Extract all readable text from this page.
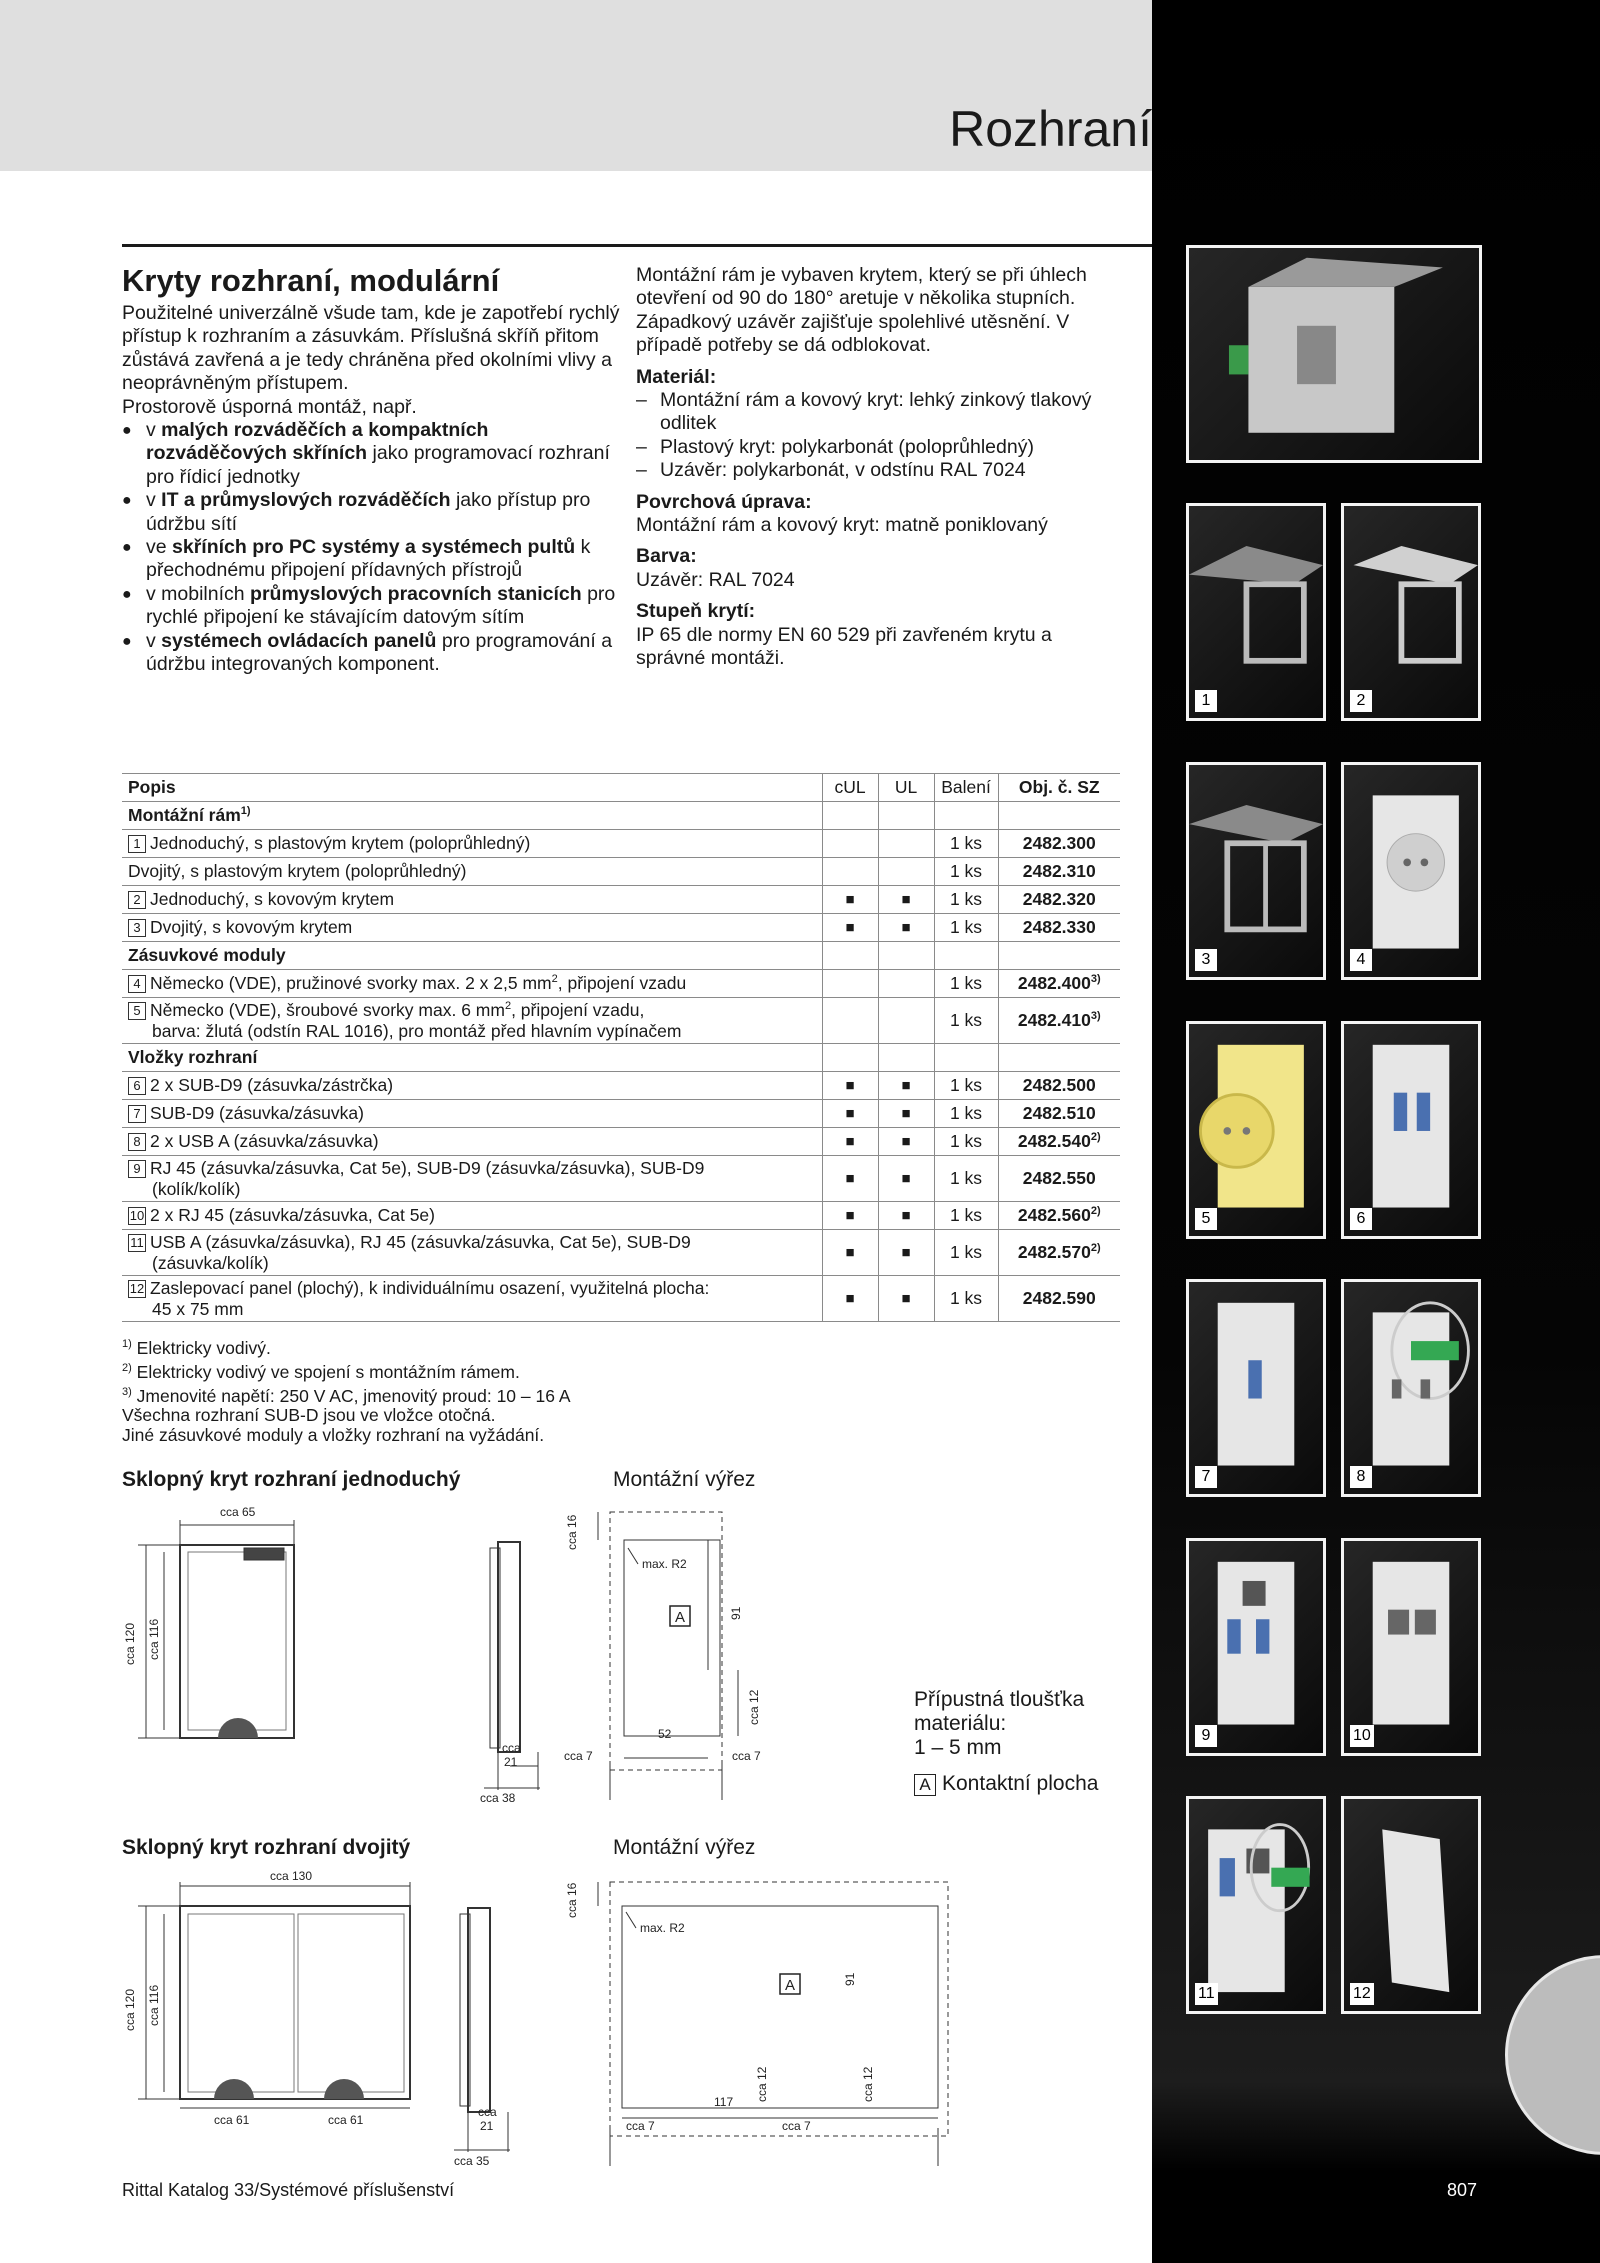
Rozhraní
Kryty rozhraní, modulární

Použitelné univerzálně všude tam, kde je zapotřebí rychlý přístup k rozhraním a zásuvkám. Příslušná skříň přitom zůstává zavřená a je tedy chráněna před okolními vlivy a neoprávněným přístupem.

Prostorově úsporná montáž, např.

● v malých rozváděčích a kompaktních rozváděčových skříních jako programovací rozhraní pro řídicí jednotky
● v IT a průmyslových rozváděčích jako přístup pro údržbu sítí
● ve skříních pro PC systémy a systémech pultů k přechodnému připojení přídavných přístrojů
● v mobilních průmyslových pracovních stanicích pro rychlé připojení ke stávajícím datovým sítím
● v systémech ovládacích panelů pro programování a údržbu integrovaných komponent.

Montážní rám je vybaven krytem, který se při úhlech otevření od 90 do 180° aretuje v několika stupních. Západkový uzávěr zajišťuje spolehlivé utěsnění. V případě potřeby se dá odblokovat.

Materiál:
– Montážní rám a kovový kryt: lehký zinkový tlakový odlitek
– Plastový kryt: polykarbonát (poloprůhledný)
– Uzávěr: polykarbonát, v odstínu RAL 7024
Povrchová úprava:

Montážní rám a kovový kryt: matně poniklovaný

Barva:

Uzávěr: RAL 7024

Stupeň krytí:

IP 65 dle normy EN 60 529 při zavřeném krytu a správné montáži.

Popis	cUL	UL	Balení	Obj. č. SZ
Montážní rám$^{1)}$				
1 Jednoduchý, s plastovým krytem (poloprůhledný)			1 ks	2482.300
Dvojitý, s plastovým krytem (poloprůhledný)			1 ks	2482.310
2 Jednoduchý, s kovovým krytem	■	■	1 ks	2482.320
3 Dvojitý, s kovovým krytem	■	■	1 ks	2482.330
Zásuvkové moduly				
4 Německo (VDE), pružinové svorky max. 2 x 2,5 $mm^2$, připojení vzadu			1 ks	2482.400$^{3)}$
5 Německo (VDE), šroubové svorky max. 6 $mm^2$, připojení vzadu,
barva: žlutá (odstín RAL 1016), pro montáž před hlavním vypínačem			1 ks	2482.410$^{3)}$
Vložky rozhraní				
6 2 x SUB-D9 (zásuvka/zástrčka)	■	■	1 ks	2482.500
7 SUB-D9 (zásuvka/zásuvka)	■	■	1 ks	2482.510
8 2 x USB A (zásuvka/zásuvka)	■	■	1 ks	2482.540$^{2)}$
9 RJ 45 (zásuvka/zásuvka, Cat 5e), SUB-D9 (zásuvka/zásuvka), SUB-D9
(kolík/kolík)	■	■	1 ks	2482.550
10 2 x RJ 45 (zásuvka/zásuvka, Cat 5e)	■	■	1 ks	2482.560$^{2)}$
11 USB A (zásuvka/zásuvka), RJ 45 (zásuvka/zásuvka, Cat 5e), SUB-D9
(zásuvka/kolík)	■	■	1 ks	2482.570$^{2)}$
12 Zaslepovací panel (plochý), k individuálnímu osazení, využitelná plocha:
45 x 75 mm	■	■	1 ks	2482.590
$^{1)}$ Elektricky vodivý.
$^{2)}$ Elektricky vodivý ve spojení s montážním rámem.
$^{3)}$ Jmenovité napětí: 250 V AC, jmenovitý proud: 10 – 16 A
Všechna rozhraní SUB-D jsou ve vložce otočná.
Jiné zásuvkové moduly a vložky rozhraní na vyžádání.
Sklopný kryt rozhraní jednoduchý	Montážní výřez
cca 65
cca 120 cca 116
cca
21
cca 38
cca 16
max. R2
A	91
cca 12
52
cca 7	cca 7
Přípustná tloušťka
materiálu:
1 – 5 mm
A Kontaktní plocha
Sklopný kryt rozhraní dvojitý	Montážní výřez
cca 130
cca 120 cca 116
cca 61	cca 61
cca
21
cca 35
cca 16
max. R2
A	91
cca 12	cca 12
117
cca 7	cca 7
1	2
3	4
5	6
7	8
9	10
11	12
Rittal Katalog 33/Systémové příslušenství	807
